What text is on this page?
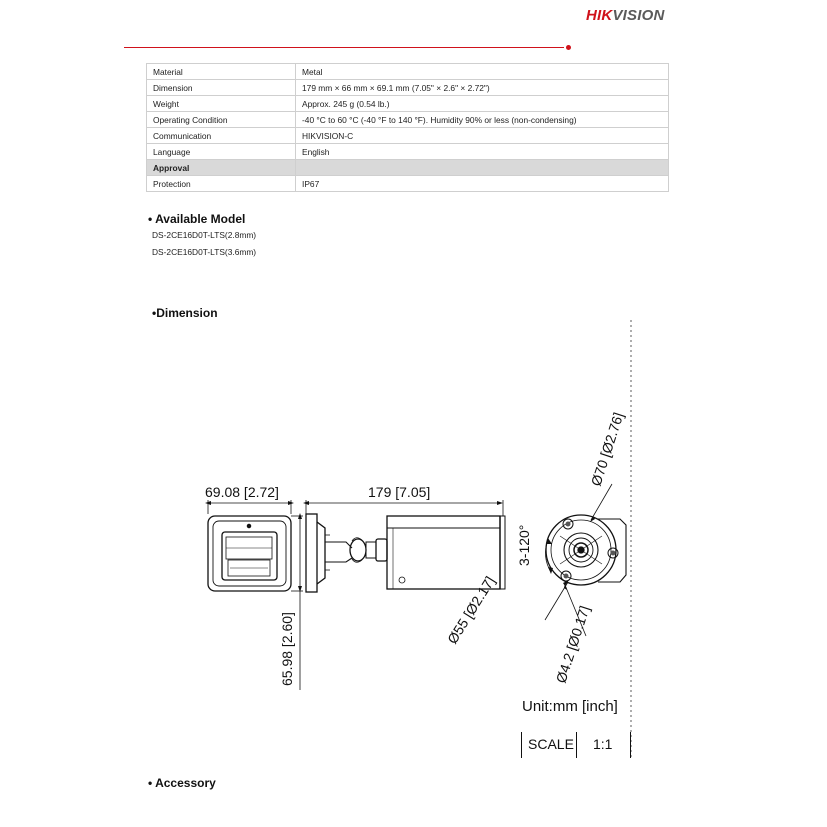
HIKVISION
Material	Metal
Dimension	179 mm × 66 mm × 69.1 mm (7.05" × 2.6" × 2.72")
Weight	Approx. 245 g (0.54 lb.)
Operating Condition	-40 °C to 60 °C (-40 °F to 140 °F). Humidity 90% or less (non-condensing)
Communication	HIKVISION-C
Language	English
Approval	
Protection	IP67
• Available Model
DS-2CE16D0T-LTS(2.8mm)
DS-2CE16D0T-LTS(3.6mm)
•Dimension
69.08 [2.72]	179 [7.05]
65.98 [2.60]
Ø70 [Ø2.76]
3-120°
Ø55 [Ø2.17]	Ø4.2 [Ø0.17]
Unit:mm [inch]
SCALE 1:1
• Accessory
